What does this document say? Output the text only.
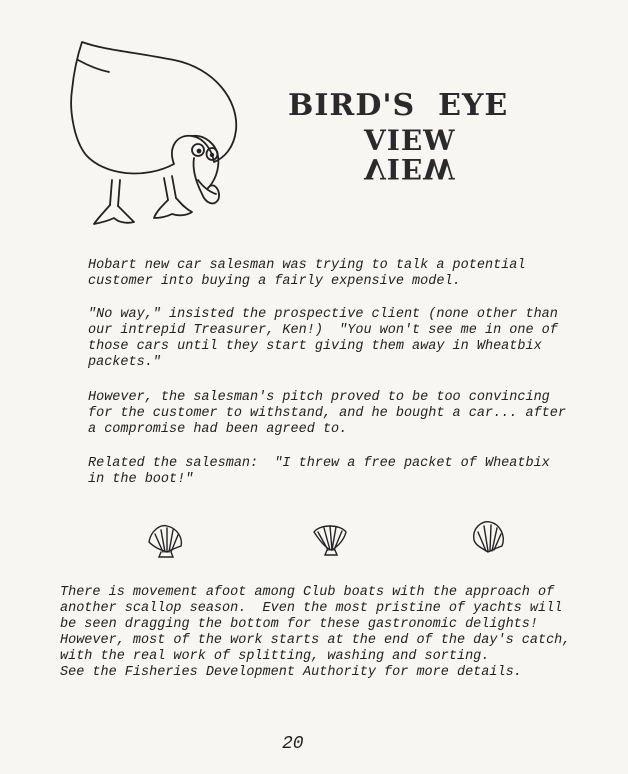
BIRD'S  EYE
VIEW
VIEW

Hobart new car salesman was trying to talk a potential
customer into buying a fairly expensive model.

"No way," insisted the prospective client (none other than
our intrepid Treasurer, Ken!)  "You won't see me in one of
those cars until they start giving them away in Wheatbix
packets."

However, the salesman's pitch proved to be too convincing
for the customer to withstand, and he bought a car... after
a compromise had been agreed to.

Related the salesman:  "I threw a free packet of Wheatbix
in the boot!"

There is movement afoot among Club boats with the approach of
another scallop season.  Even the most pristine of yachts will
be seen dragging the bottom for these gastronomic delights!
However, most of the work starts at the end of the day's catch,
with the real work of splitting, washing and sorting.
See the Fisheries Development Authority for more details.

20
